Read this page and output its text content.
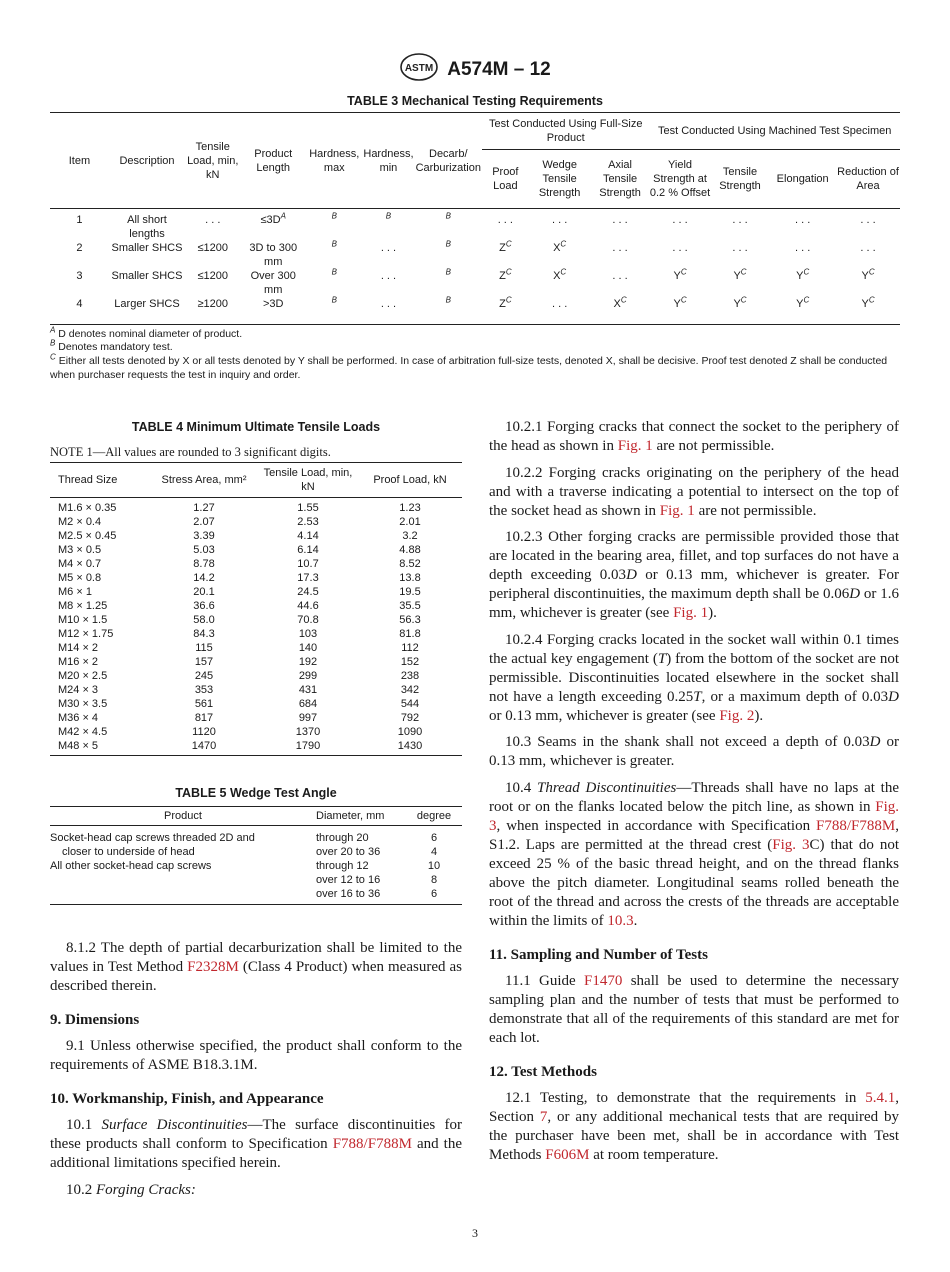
ASTM A574M – 12
TABLE 3 Mechanical Testing Requirements
Item	Description	Tensile Load, min, kN	Product Length	Hardness, max	Hardness, min	Decarb/ Carburization	Test Conducted Using Full-Size Product			Test Conducted Using Machined Test Specimen			
							Proof Load	Wedge Tensile Strength	Axial Tensile Strength	Yield Strength at 0.2 % Offset	Tensile Strength	Elongation	Reduction of Area
1	All short lengths	. . .	$\le 3D^A$	$^B$	$^B$	$^B$	. . .	. . .	. . .	. . .	. . .	. . .	. . .
2	Smaller SHCS	≤1200	3D to 300 mm	$^B$	. . .	$^B$	$Z^C$	$X^C$	. . .	. . .	. . .	. . .	. . .
3	Smaller SHCS	≤1200	Over 300 mm	$^B$	. . .	$^B$	$Z^C$	$X^C$	. . .	$Y^C$	$Y^C$	$Y^C$	$Y^C$
4	Larger SHCS	≥1200	>3D	$^B$	. . .	$^B$	$Z^C$	. . .	$X^C$	$Y^C$	$Y^C$	$Y^C$	$Y^C$
$^A$ D denotes nominal diameter of product.
$^B$ Denotes mandatory test.
$^C$ Either all tests denoted by X or all tests denoted by Y shall be performed. In case of arbitration full-size tests, denoted X, shall be decisive. Proof test denoted Z shall be conducted when purchaser requests the test in inquiry and order.
TABLE 4 Minimum Ultimate Tensile Loads
NOTE 1—All values are rounded to 3 significant digits.
Thread Size	Stress Area, mm²	Tensile Load, min, kN	Proof Load, kN
M1.6 × 0.35	1.27	1.55	1.23
M2 × 0.4	2.07	2.53	2.01
M2.5 × 0.45	3.39	4.14	3.2
M3 × 0.5	5.03	6.14	4.88
M4 × 0.7	8.78	10.7	8.52
M5 × 0.8	14.2	17.3	13.8
M6 × 1	20.1	24.5	19.5
M8 × 1.25	36.6	44.6	35.5
M10 × 1.5	58.0	70.8	56.3
M12 × 1.75	84.3	103	81.8
M14 × 2	115	140	112
M16 × 2	157	192	152
M20 × 2.5	245	299	238
M24 × 3	353	431	342
M30 × 3.5	561	684	544
M36 × 4	817	997	792
M42 × 4.5	1120	1370	1090
M48 × 5	1470	1790	1430
TABLE 5 Wedge Test Angle
Product	Diameter, mm	degree
Socket-head cap screws threaded 2D and	through 20	6
closer to underside of head	over 20 to 36	4
All other socket-head cap screws	through 12	10
	over 12 to 16	8
	over 16 to 36	6

8.1.2 The depth of partial decarburization shall be limited to the values in Test Method F2328M (Class 4 Product) when measured as described therein.

9. Dimensions

9.1 Unless otherwise specified, the product shall conform to the requirements of ASME B18.3.1M.

10. Workmanship, Finish, and Appearance

10.1 Surface Discontinuities—The surface discontinuities for these products shall conform to Specification F788/F788M and the additional limitations specified herein.

10.2 Forging Cracks:

10.2.1 Forging cracks that connect the socket to the periphery of the head as shown in Fig. 1 are not permissible.

10.2.2 Forging cracks originating on the periphery of the head and with a traverse indicating a potential to intersect on the top of the socket head as shown in Fig. 1 are not permissible.

10.2.3 Other forging cracks are permissible provided those that are located in the bearing area, fillet, and top surfaces do not have a depth exceeding 0.03D or 0.13 mm, whichever is greater. For peripheral discontinuities, the maximum depth shall be 0.06D or 1.6 mm, whichever is greater (see Fig. 1).

10.2.4 Forging cracks located in the socket wall within 0.1 times the actual key engagement (T) from the bottom of the socket are not permissible. Discontinuities located elsewhere in the socket shall not have a length exceeding 0.25T, or a maximum depth of 0.03D or 0.13 mm, whichever is greater (see Fig. 2).

10.3 Seams in the shank shall not exceed a depth of 0.03D or 0.13 mm, whichever is greater.

10.4 Thread Discontinuities—Threads shall have no laps at the root or on the flanks located below the pitch line, as shown in Fig. 3, when inspected in accordance with Specification F788/F788M, S1.2. Laps are permitted at the thread crest (Fig. 3C) that do not exceed 25 % of the basic thread height, and on the thread flanks above the pitch diameter. Longitudinal seams rolled beneath the root of the thread and across the crests of the threads are acceptable within the limits of 10.3.

11. Sampling and Number of Tests

11.1 Guide F1470 shall be used to determine the necessary sampling plan and the number of tests that must be performed to demonstrate that all of the requirements of this standard are met for each lot.

12. Test Methods

12.1 Testing, to demonstrate that the requirements in 5.4.1, Section 7, or any additional mechanical tests that are required by the purchaser have been met, shall be in accordance with Test Methods F606M at room temperature.

3
